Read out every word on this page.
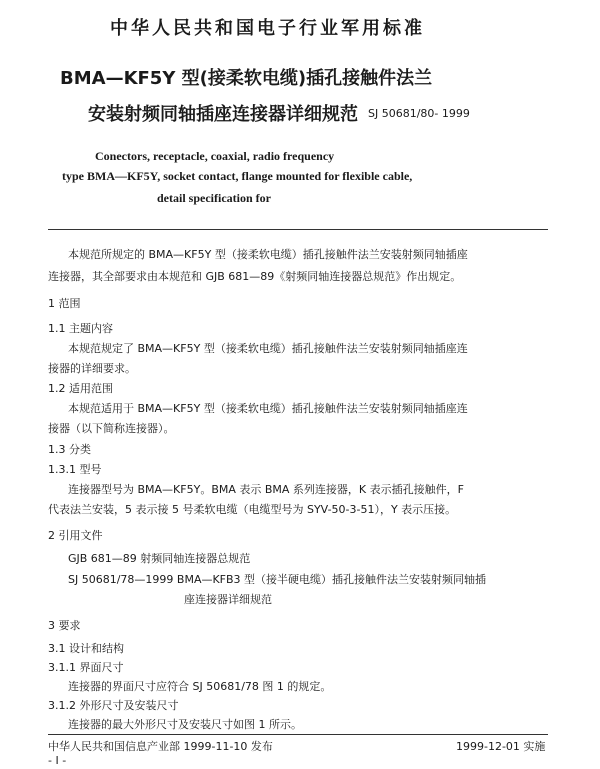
中华人民共和国电子行业军用标准
BMA—KF5Y 型(接柔软电缆)插孔接触件法兰
安装射频同轴插座连接器详细规范 SJ 50681/80- 1999
Conectors, receptacle, coaxial, radio frequency
type BMA—KF5Y, socket contact, flange mounted for flexible cable,
detail specification for
本规范所规定的 BMA—KF5Y 型（接柔软电缆）插孔接触件法兰安装射频同轴插座
连接器，其全部要求由本规范和 GJB 681—89《射频同轴连接器总规范》作出规定。
1 范围
1.1 主题内容
本规范规定了 BMA—KF5Y 型（接柔软电缆）插孔接触件法兰安装射频同轴插座连
接器的详细要求。
1.2 适用范围
本规范适用于 BMA—KF5Y 型（接柔软电缆）插孔接触件法兰安装射频同轴插座连
接器（以下简称连接器）。
1.3 分类
1.3.1 型号
连接器型号为 BMA—KF5Y。BMA 表示 BMA 系列连接器，K 表示插孔接触件，F
代表法兰安装，5 表示接 5 号柔软电缆（电缆型号为 SYV-50-3-51），Y 表示压接。
2 引用文件
GJB 681—89 射频同轴连接器总规范
SJ 50681/78—1999 BMA—KFB3 型（接半硬电缆）插孔接触件法兰安装射频同轴插
座连接器详细规范
3 要求
3.1 设计和结构
3.1.1 界面尺寸
连接器的界面尺寸应符合 SJ 50681/78 图 1 的规定。
3.1.2 外形尺寸及安装尺寸
连接器的最大外形尺寸及安装尺寸如图 1 所示。
中华人民共和国信息产业部 1999-11-10 发布	1999-12-01 实施
- I -
